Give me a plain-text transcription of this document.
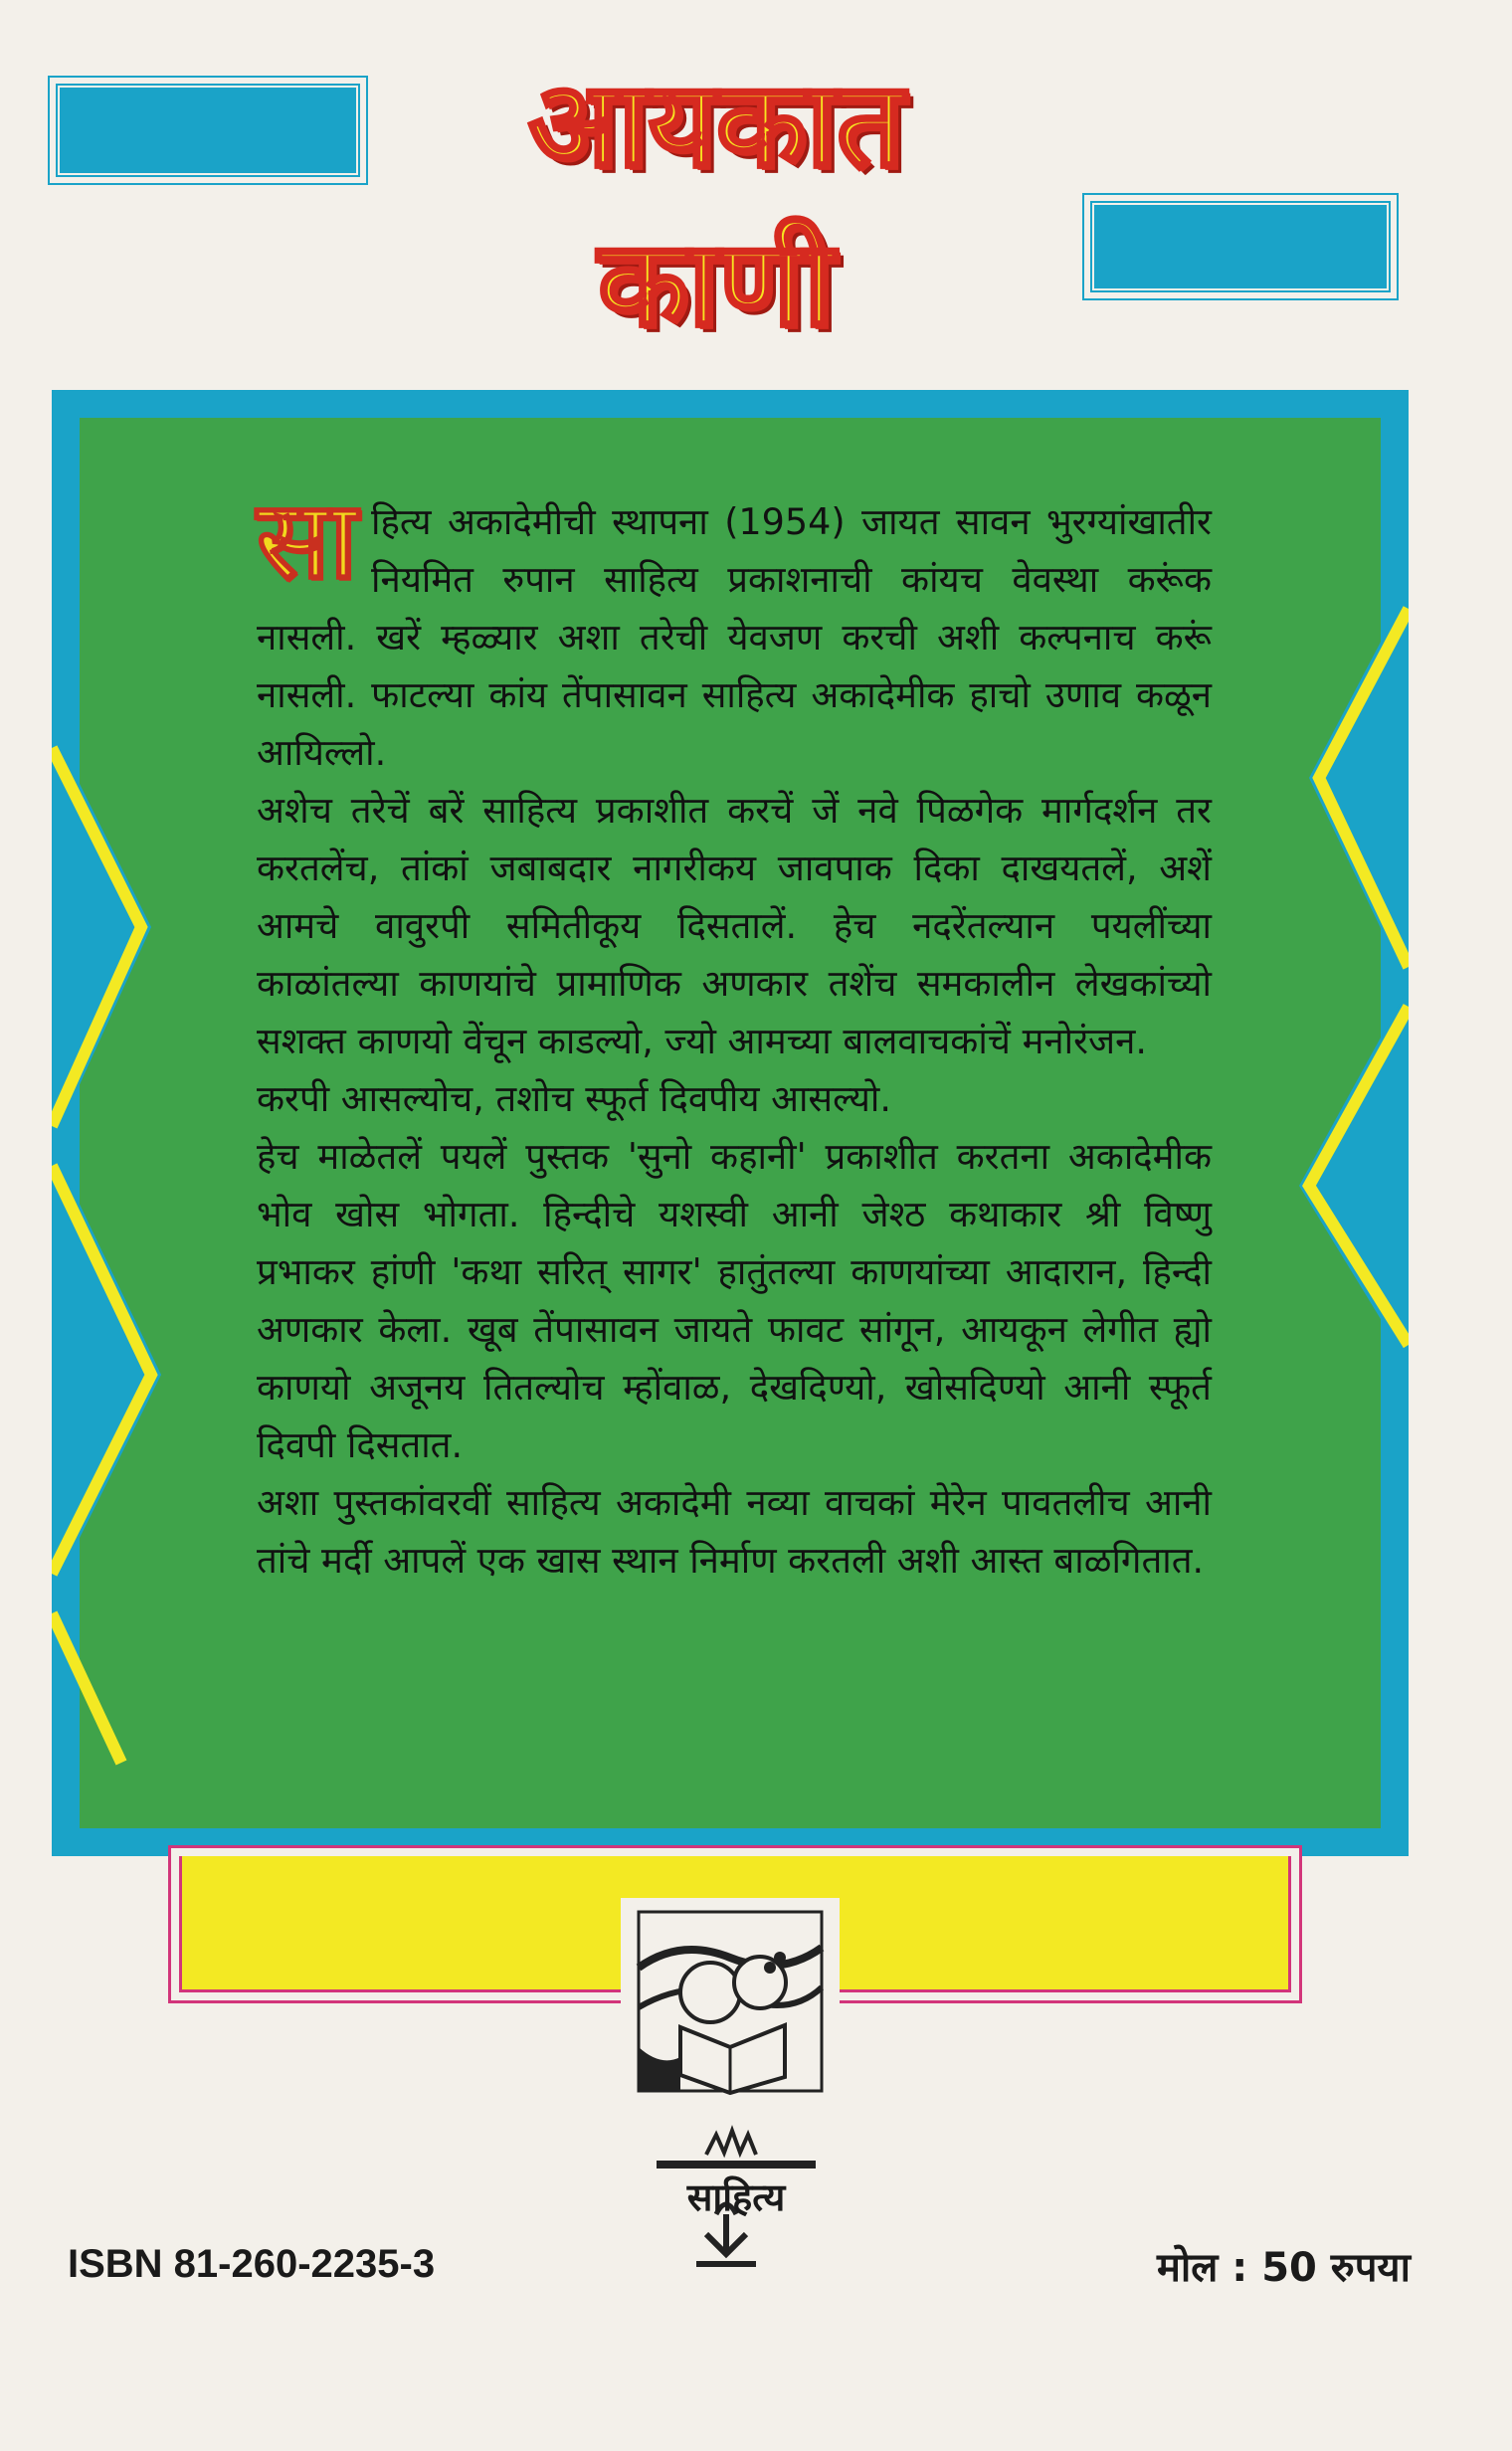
आयकात
काणी

साहित्य अकादेमीची स्थापना (1954) जायत सावन भुरग्यांखातीर नियमित रुपान साहित्य प्रकाशनाची कांयच वेवस्था करूंक नासली. खरें म्हळ्यार अशा तरेची येवजण करची अशी कल्पनाच करूं नासली. फाटल्या कांय तेंपासावन साहित्य अकादेमीक हाचो उणाव कळून आयिल्लो.

अशेच तरेचें बरें साहित्य प्रकाशीत करचें जें नवे पिळगेक मार्गदर्शन तर करतलेंच, तांकां जबाबदार नागरीकय जावपाक दिका दाखयतलें, अशें आमचे वावुरपी समितीकूय दिसतालें. हेच नदरेंतल्यान पयलींच्या काळांतल्या काणयांचे प्रामाणिक अणकार तशेंच समकालीन लेखकांच्यो सशक्त काणयो वेंचून काडल्यो, ज्यो आमच्या बालवाचकांचें मनोरंजन.

करपी आसल्योच, तशोच स्फूर्त दिवपीय आसल्यो.

हेच माळेतलें पयलें पुस्तक 'सुनो कहानी' प्रकाशीत करतना अकादेमीक भोव खोस भोगता. हिन्दीचे यशस्वी आनी जेश्ठ कथाकार श्री विष्णु प्रभाकर हांणी 'कथा सरित् सागर' हातुंतल्या काणयांच्या आदारान, हिन्दी अणकार केला. खूब तेंपासावन जायते फावट सांगून, आयकून लेगीत ह्यो काणयो अजूनय तितल्योच म्होंवाळ, देखदिण्यो, खोसदिण्यो आनी स्फूर्त दिवपी दिसतात.

अशा पुस्तकांवरवीं साहित्य अकादेमी नव्या वाचकां मेरेन पावतलीच आनी तांचे मर्दी आपलें एक खास स्थान निर्माण करतली अशी आस्त बाळगितात.

साहित्य
ISBN 81-260-2235-3	मोल : 50 रुपया
